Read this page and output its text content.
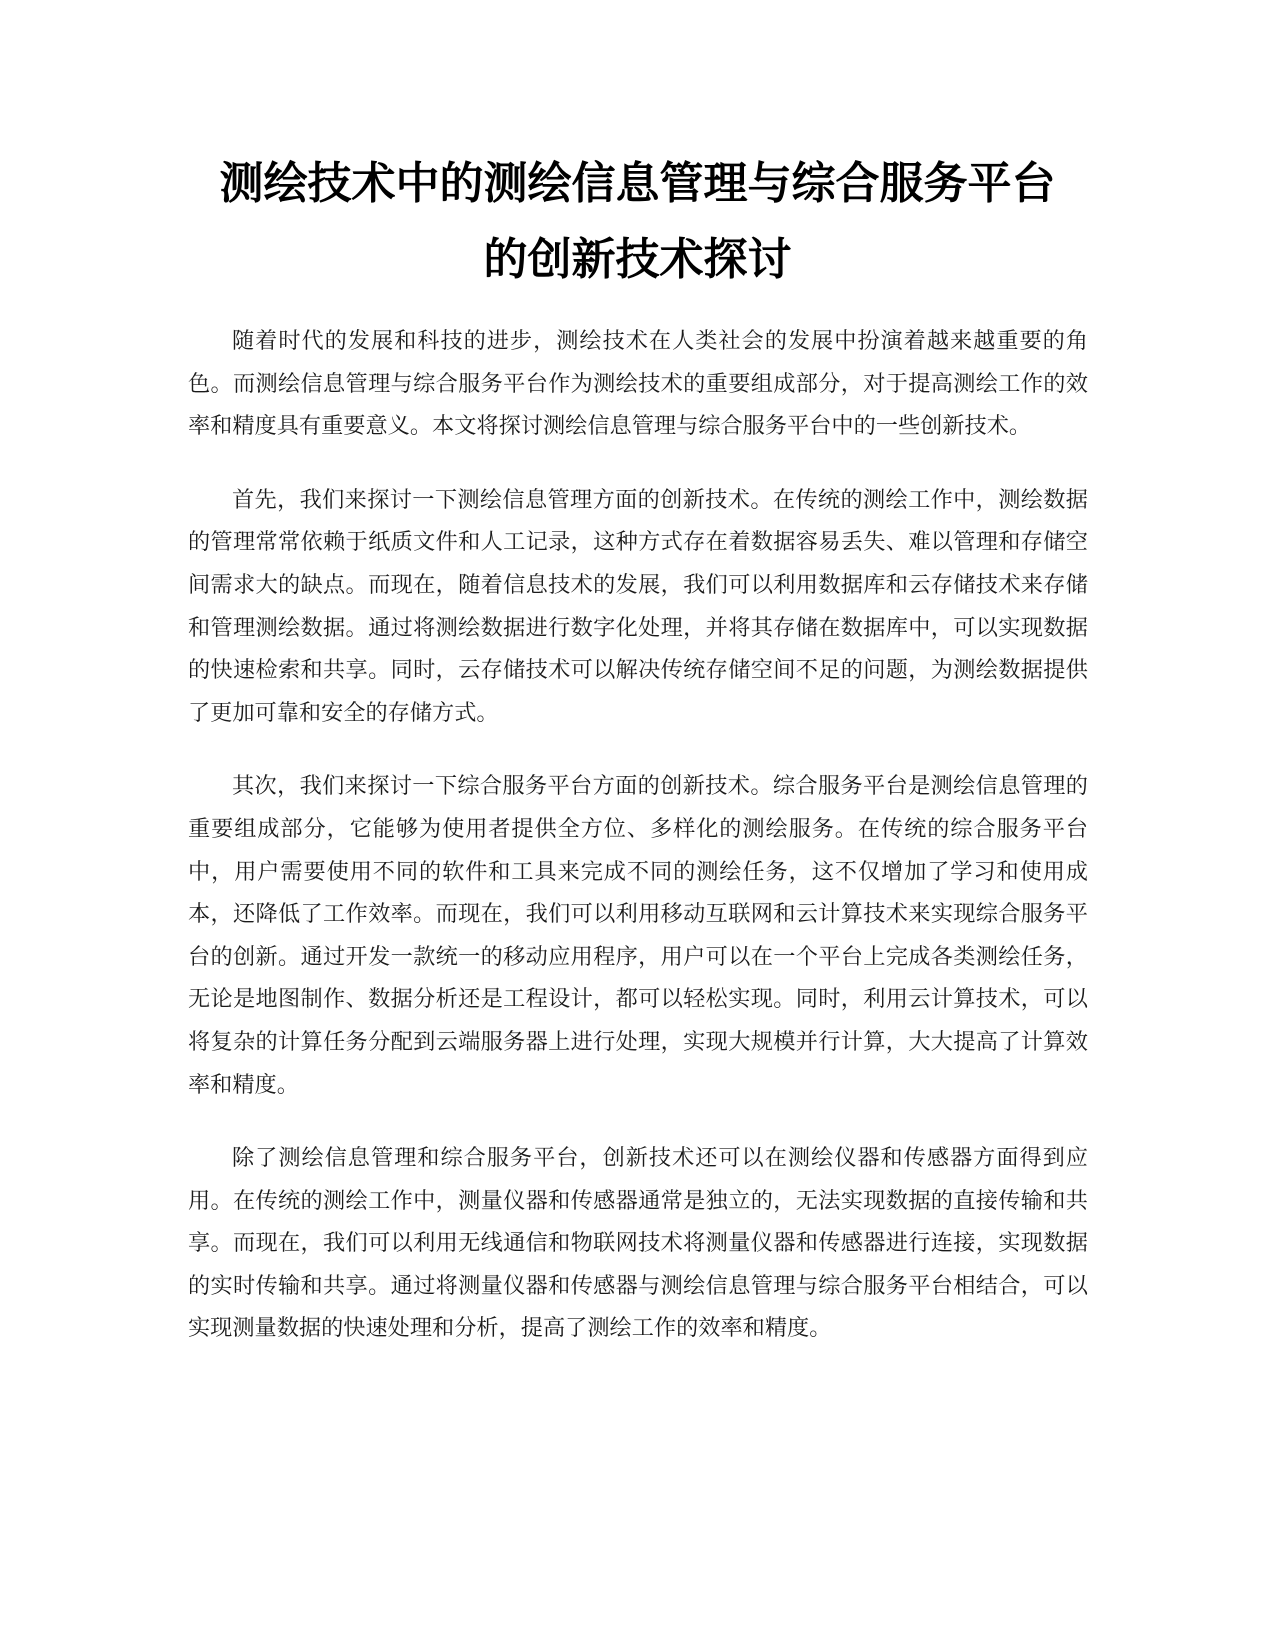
测绘技术中的测绘信息管理与综合服务平台
的创新技术探讨

随着时代的发展和科技的进步，测绘技术在人类社会的发展中扮演着越来越重要的角色。而测绘信息管理与综合服务平台作为测绘技术的重要组成部分，对于提高测绘工作的效率和精度具有重要意义。本文将探讨测绘信息管理与综合服务平台中的一些创新技术。

首先，我们来探讨一下测绘信息管理方面的创新技术。在传统的测绘工作中，测绘数据的管理常常依赖于纸质文件和人工记录，这种方式存在着数据容易丢失、难以管理和存储空间需求大的缺点。而现在，随着信息技术的发展，我们可以利用数据库和云存储技术来存储和管理测绘数据。通过将测绘数据进行数字化处理，并将其存储在数据库中，可以实现数据的快速检索和共享。同时，云存储技术可以解决传统存储空间不足的问题，为测绘数据提供了更加可靠和安全的存储方式。

其次，我们来探讨一下综合服务平台方面的创新技术。综合服务平台是测绘信息管理的重要组成部分，它能够为使用者提供全方位、多样化的测绘服务。在传统的综合服务平台中，用户需要使用不同的软件和工具来完成不同的测绘任务，这不仅增加了学习和使用成本，还降低了工作效率。而现在，我们可以利用移动互联网和云计算技术来实现综合服务平台的创新。通过开发一款统一的移动应用程序，用户可以在一个平台上完成各类测绘任务，无论是地图制作、数据分析还是工程设计，都可以轻松实现。同时，利用云计算技术，可以将复杂的计算任务分配到云端服务器上进行处理，实现大规模并行计算，大大提高了计算效率和精度。

除了测绘信息管理和综合服务平台，创新技术还可以在测绘仪器和传感器方面得到应用。在传统的测绘工作中，测量仪器和传感器通常是独立的，无法实现数据的直接传输和共享。而现在，我们可以利用无线通信和物联网技术将测量仪器和传感器进行连接，实现数据的实时传输和共享。通过将测量仪器和传感器与测绘信息管理与综合服务平台相结合，可以实现测量数据的快速处理和分析，提高了测绘工作的效率和精度。
